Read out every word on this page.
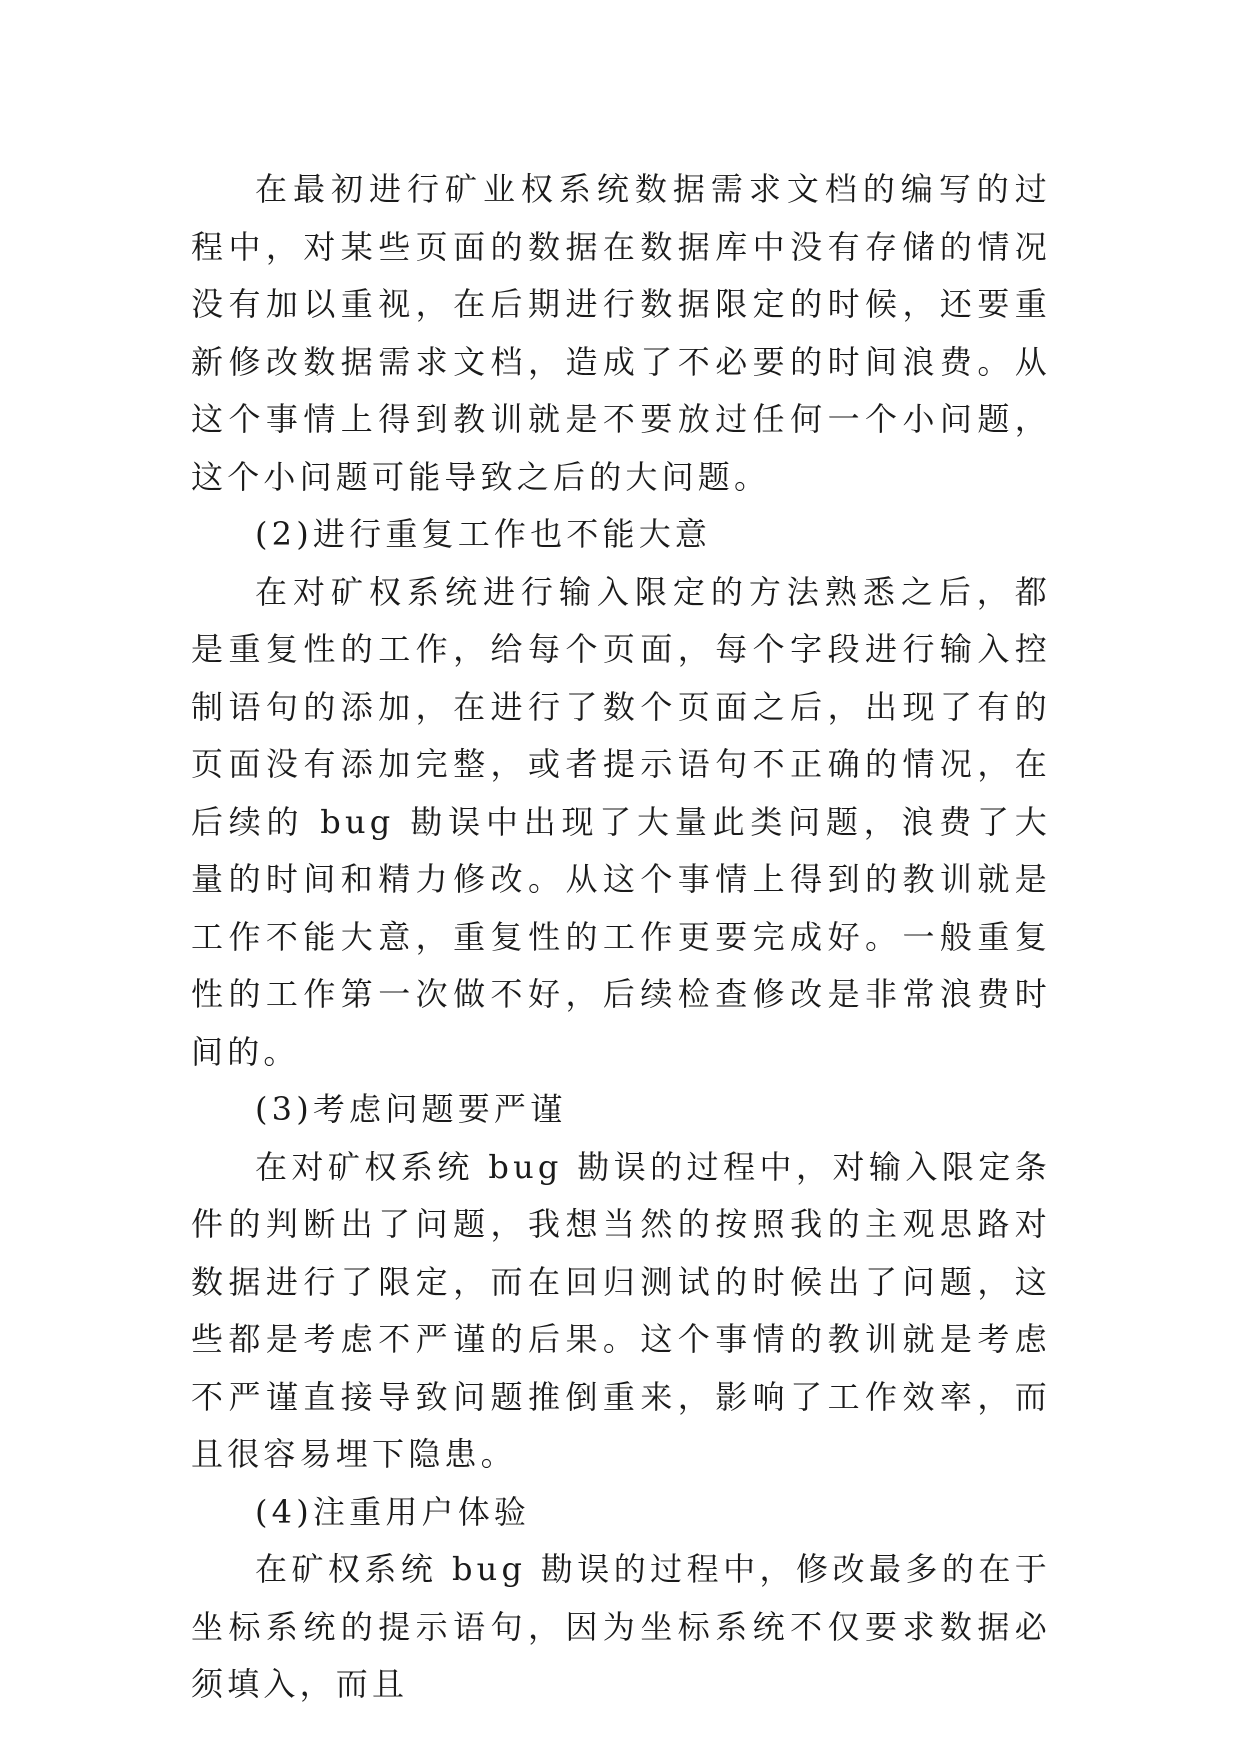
在最初进行矿业权系统数据需求文档的编写的过程中，对某些页面的数据在数据库中没有存储的情况没有加以重视，在后期进行数据限定的时候，还要重新修改数据需求文档，造成了不必要的时间浪费。从这个事情上得到教训就是不要放过任何一个小问题，这个小问题可能导致之后的大问题。

(2)进行重复工作也不能大意

在对矿权系统进行输入限定的方法熟悉之后，都是重复性的工作，给每个页面，每个字段进行输入控制语句的添加，在进行了数个页面之后，出现了有的页面没有添加完整，或者提示语句不正确的情况，在后续的 bug 勘误中出现了大量此类问题，浪费了大量的时间和精力修改。从这个事情上得到的教训就是工作不能大意，重复性的工作更要完成好。一般重复性的工作第一次做不好，后续检查修改是非常浪费时间的。

(3)考虑问题要严谨

在对矿权系统 bug 勘误的过程中，对输入限定条件的判断出了问题，我想当然的按照我的主观思路对数据进行了限定，而在回归测试的时候出了问题，这些都是考虑不严谨的后果。这个事情的教训就是考虑不严谨直接导致问题推倒重来，影响了工作效率，而且很容易埋下隐患。

(4)注重用户体验

在矿权系统 bug 勘误的过程中，修改最多的在于坐标系统的提示语句，因为坐标系统不仅要求数据必须填入，而且
